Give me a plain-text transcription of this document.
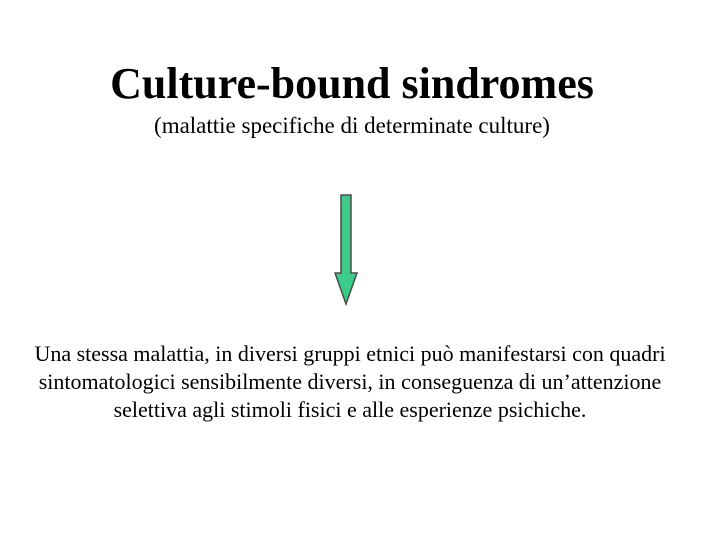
Culture-bound sindromes

(malattie specifiche di determinate culture)

Una stessa malattia, in diversi gruppi etnici può manifestarsi con quadri sintomatologici sensibilmente diversi, in conseguenza di un’attenzione selettiva agli stimoli fisici e alle esperienze psichiche.
